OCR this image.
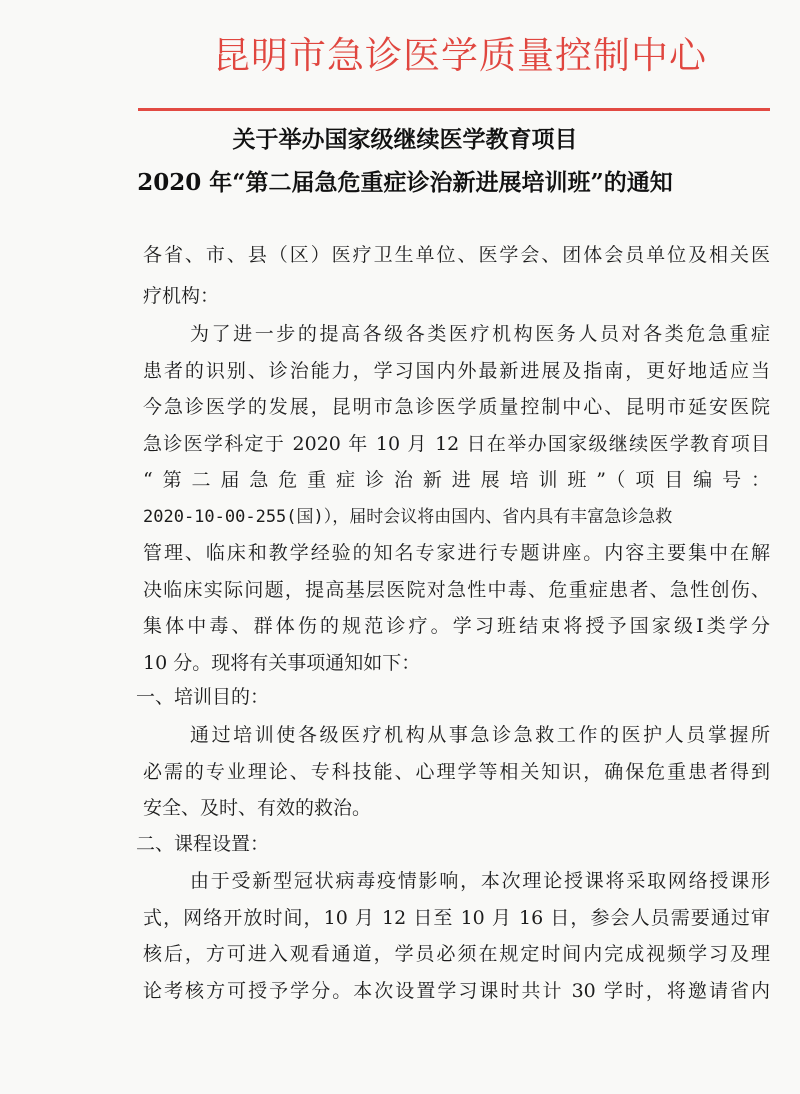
昆明市急诊医学质量控制中心
关于举办国家级继续医学教育项目
2020 年“第二届急危重症诊治新进展培训班”的通知
各省、市、县（区）医疗卫生单位、医学会、团体会员单位及相关医
疗机构：
为了进一步的提高各级各类医疗机构医务人员对各类危急重症
患者的识别、诊治能力，学习国内外最新进展及指南，更好地适应当
今急诊医学的发展，昆明市急诊医学质量控制中心、昆明市延安医院
急诊医学科定于 2020 年 10 月 12 日在举办国家级继续医学教育项目
“第二届急危重症诊治新进展培训班”（项目编号：
2020-10-00-255(国)），届时会议将由国内、省内具有丰富急诊急救
管理、临床和教学经验的知名专家进行专题讲座。内容主要集中在解
决临床实际问题，提高基层医院对急性中毒、危重症患者、急性创伤、
集体中毒、群体伤的规范诊疗。学习班结束将授予国家级Ⅰ类学分
10 分。现将有关事项通知如下：
一、培训目的：
通过培训使各级医疗机构从事急诊急救工作的医护人员掌握所
必需的专业理论、专科技能、心理学等相关知识，确保危重患者得到
安全、及时、有效的救治。
二、课程设置：
由于受新型冠状病毒疫情影响，本次理论授课将采取网络授课形
式，网络开放时间，10 月 12 日至 10 月 16 日，参会人员需要通过审
核后，方可进入观看通道，学员必须在规定时间内完成视频学习及理
论考核方可授予学分。本次设置学习课时共计 30 学时，将邀请省内
